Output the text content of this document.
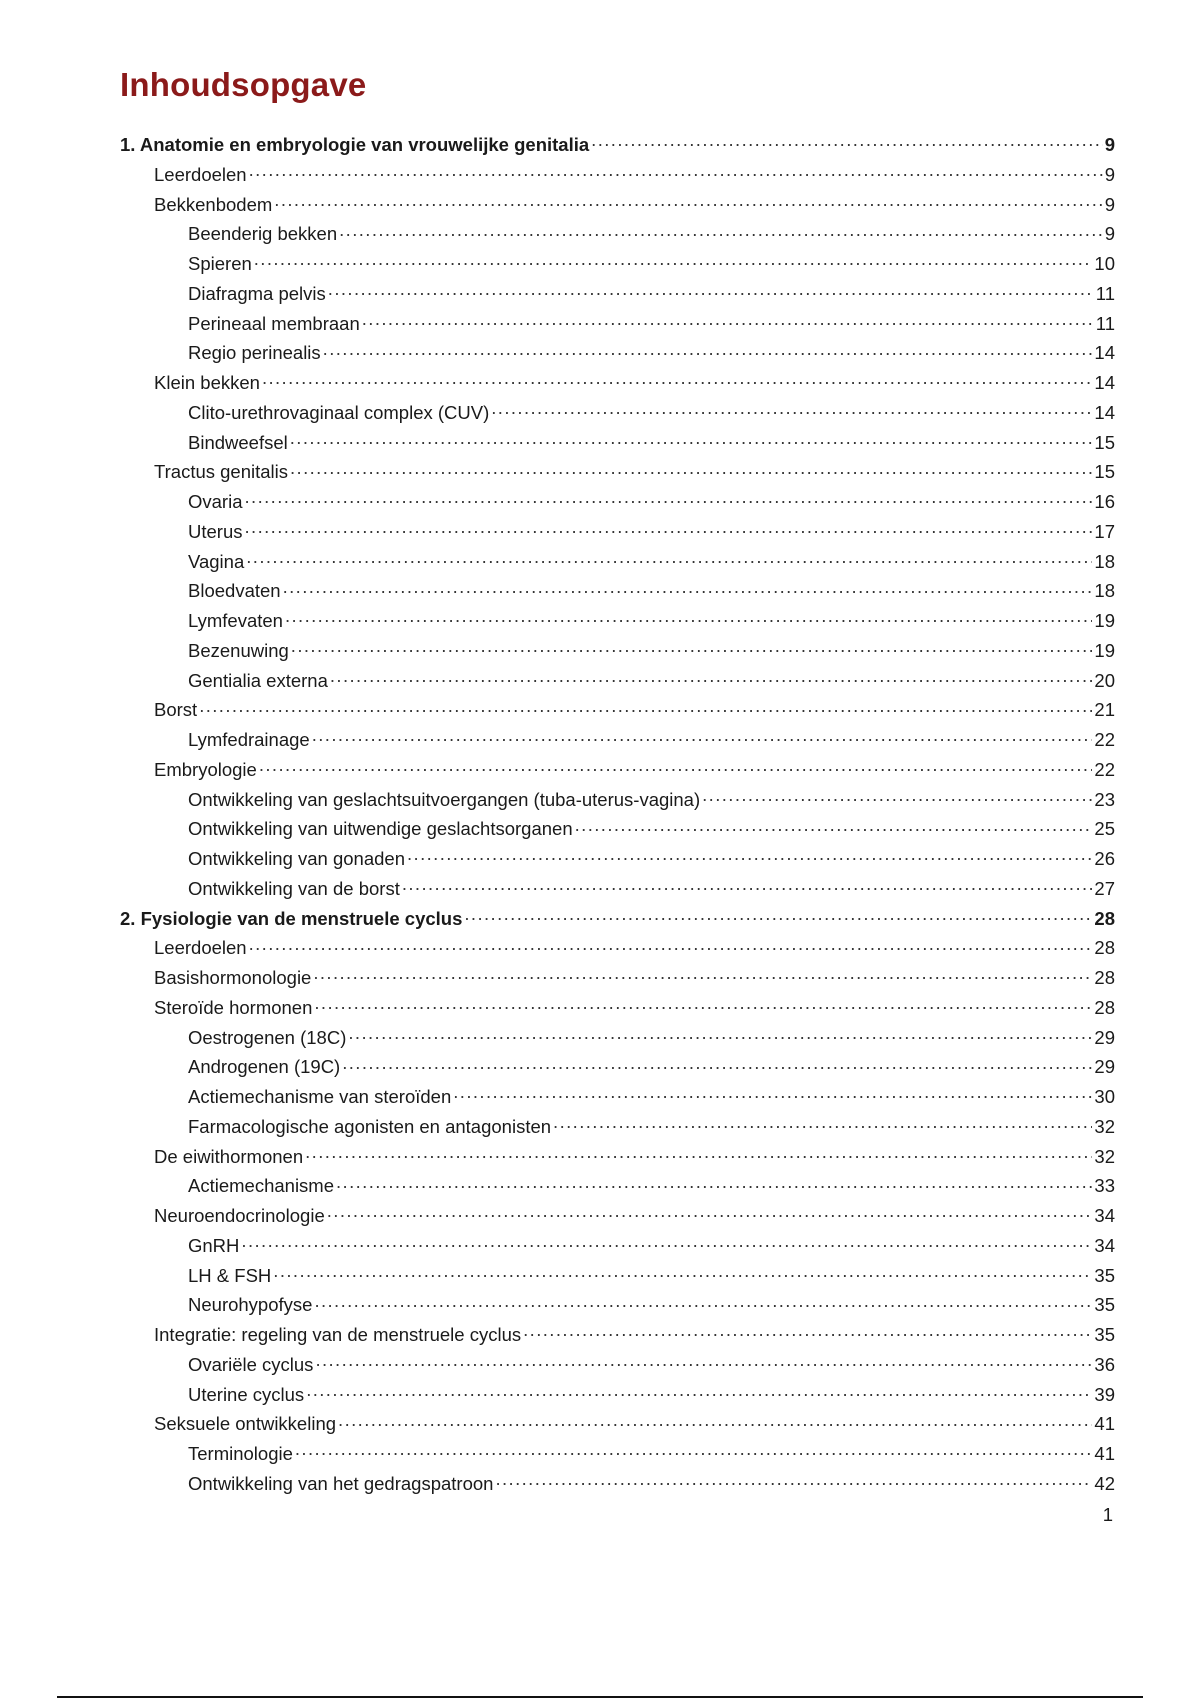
Inhoudsopgave
1. Anatomie en embryologie van vrouwelijke genitalia .....	9
Leerdoelen .....	9
Bekkenbodem .....	9
Beenderig bekken .....	9
Spieren .....	10
Diafragma pelvis .....	11
Perineaal membraan .....	11
Regio perinealis .....	14
Klein bekken .....	14
Clito-urethrovaginaal complex (CUV) .....	14
Bindweefsel .....	15
Tractus genitalis .....	15
Ovaria .....	16
Uterus .....	17
Vagina .....	18
Bloedvaten .....	18
Lymfevaten .....	19
Bezenuwing .....	19
Gentialia externa .....	20
Borst .....	21
Lymfedrainage .....	22
Embryologie .....	22
Ontwikkeling van geslachtsuitvoergangen (tuba-uterus-vagina) .....	23
Ontwikkeling van uitwendige geslachtsorganen .....	25
Ontwikkeling van gonaden .....	26
Ontwikkeling van de borst .....	27
2. Fysiologie van de menstruele cyclus .....	28
Leerdoelen .....	28
Basishormonologie .....	28
Steroïde hormonen .....	28
Oestrogenen (18C) .....	29
Androgenen (19C) .....	29
Actiemechanisme van steroïden .....	30
Farmacologische agonisten en antagonisten .....	32
De eiwithormonen .....	32
Actiemechanisme .....	33
Neuroendocrinologie .....	34
GnRH .....	34
LH & FSH .....	35
Neurohypofyse .....	35
Integratie: regeling van de menstruele cyclus .....	35
Ovariële cyclus .....	36
Uterine cyclus .....	39
Seksuele ontwikkeling .....	41
Terminologie .....	41
Ontwikkeling van het gedragspatroon .....	42
1
